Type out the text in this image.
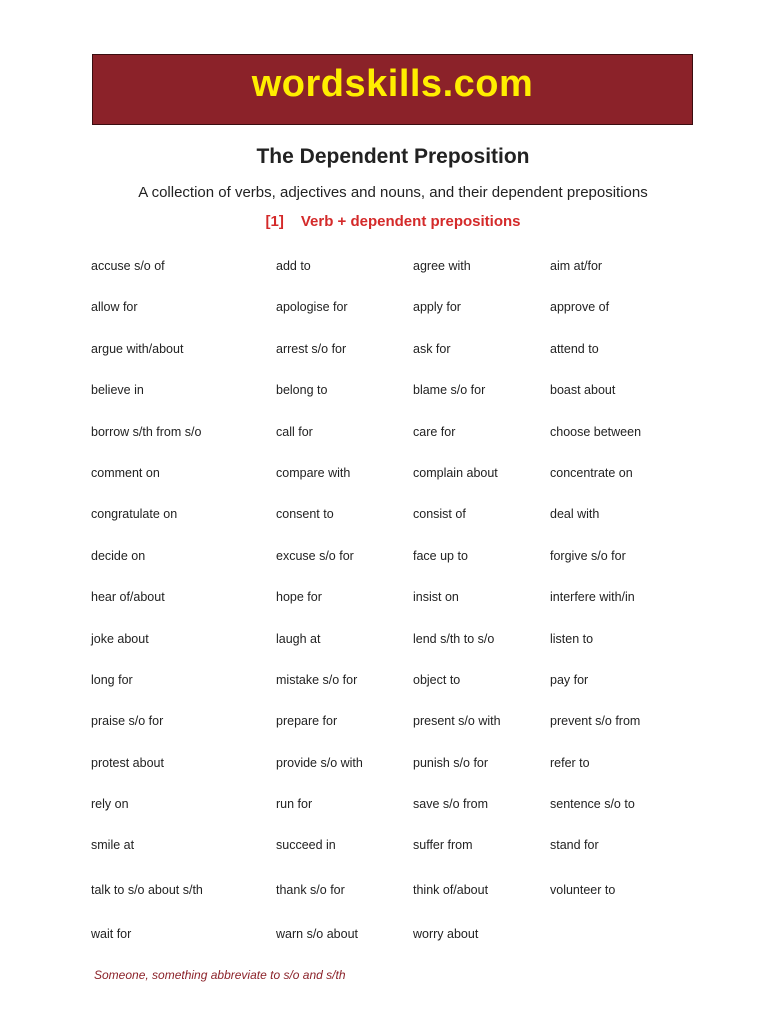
wordskills.com
The Dependent Preposition
A collection of verbs, adjectives and nouns, and their dependent prepositions
[1] Verb + dependent prepositions
accuse s/o of	add to	agree with	aim at/for
allow for	apologise for	apply for	approve of
argue with/about	arrest s/o for	ask for	attend to
believe in	belong to	blame s/o for	boast about
borrow s/th from s/o	call for	care for	choose between
comment on	compare with	complain about	concentrate on
congratulate on	consent to	consist of	deal with
decide on	excuse s/o for	face up to	forgive s/o for
hear of/about	hope for	insist on	interfere with/in
joke about	laugh at	lend s/th to s/o	listen to
long for	mistake s/o for	object to	pay for
praise s/o for	prepare for	present s/o with	prevent s/o from
protest about	provide s/o with	punish s/o for	refer to
rely on	run for	save s/o from	sentence s/o to
smile at	succeed in	suffer from	stand for
talk to s/o about s/th	thank s/o for	think of/about	volunteer to
wait for	warn s/o about	worry about
Someone, something abbreviate to s/o and s/th
